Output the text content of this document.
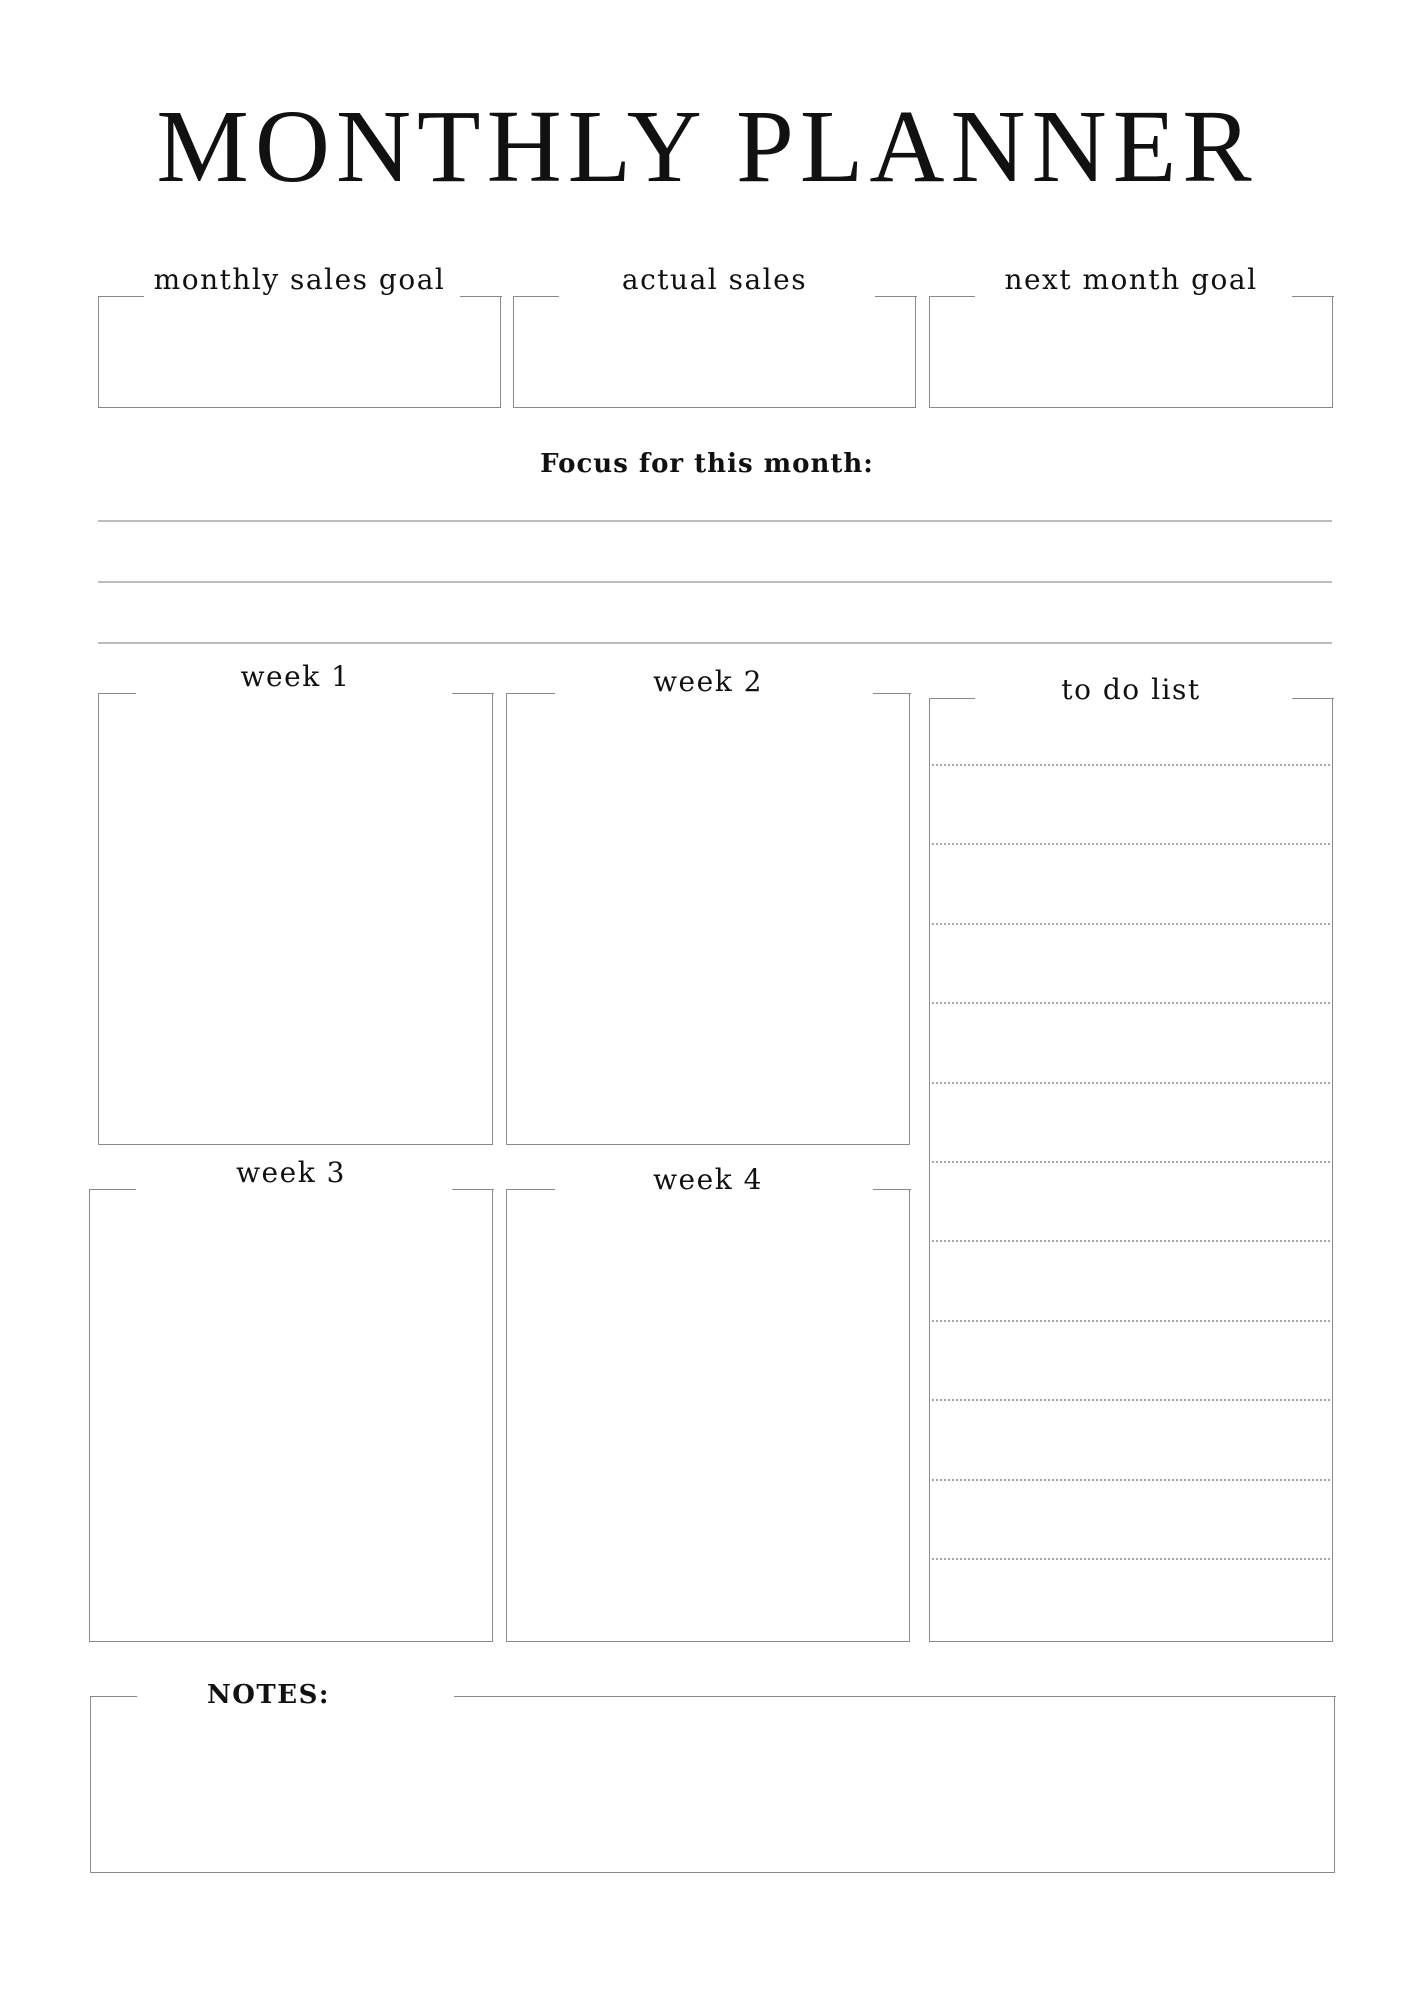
MONTHLY PLANNER
monthly sales goal	actual sales	next month goal
Focus for this month:
week 1	week 2
week 3	week 4
to do list
NOTES:
